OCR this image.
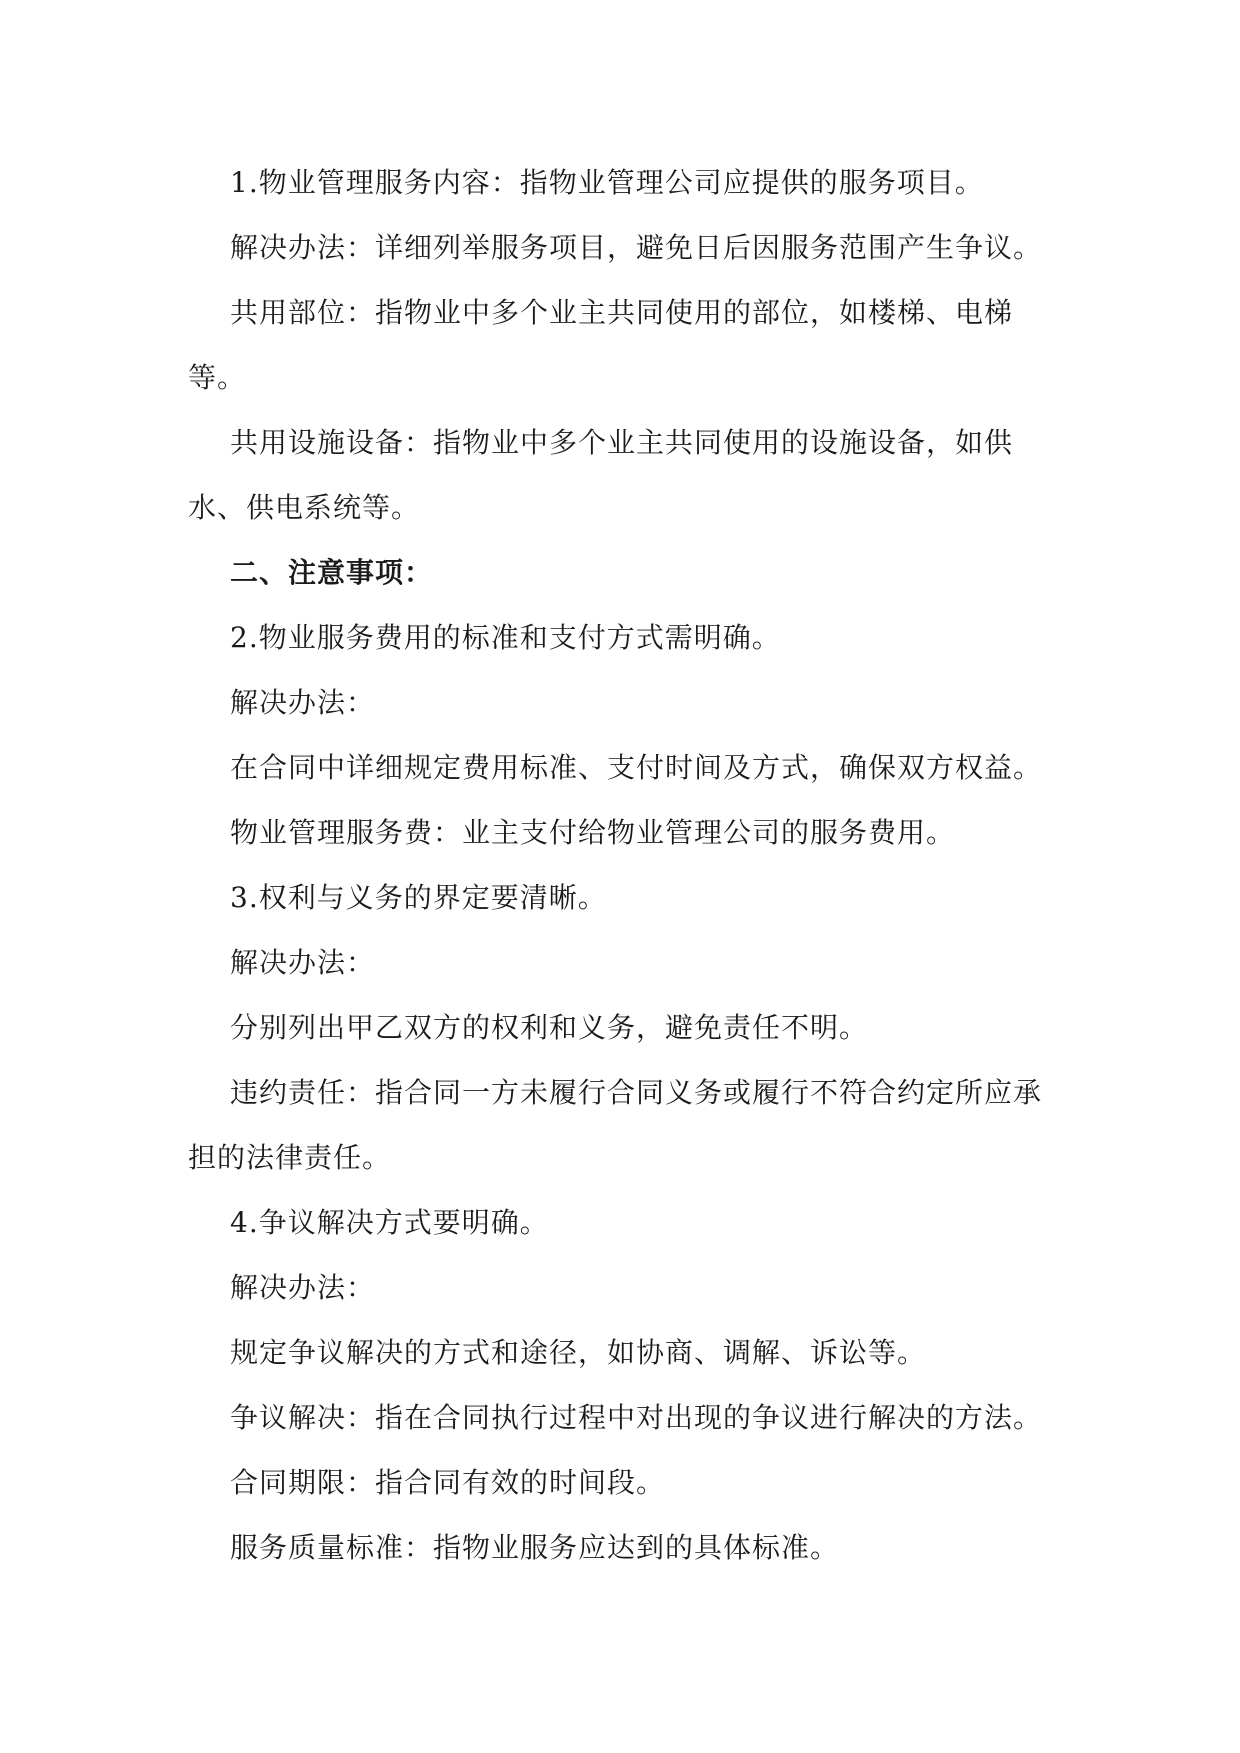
1.物业管理服务内容：指物业管理公司应提供的服务项目。

解决办法：详细列举服务项目，避免日后因服务范围产生争议。

共用部位：指物业中多个业主共同使用的部位，如楼梯、电梯等。

共用设施设备：指物业中多个业主共同使用的设施设备，如供水、供电系统等。

二、注意事项：

2.物业服务费用的标准和支付方式需明确。

解决办法：

在合同中详细规定费用标准、支付时间及方式，确保双方权益。

物业管理服务费：业主支付给物业管理公司的服务费用。

3.权利与义务的界定要清晰。

解决办法：

分别列出甲乙双方的权利和义务，避免责任不明。

违约责任：指合同一方未履行合同义务或履行不符合约定所应承担的法律责任。

4.争议解决方式要明确。

解决办法：

规定争议解决的方式和途径，如协商、调解、诉讼等。

争议解决：指在合同执行过程中对出现的争议进行解决的方法。

合同期限：指合同有效的时间段。

服务质量标准：指物业服务应达到的具体标准。
